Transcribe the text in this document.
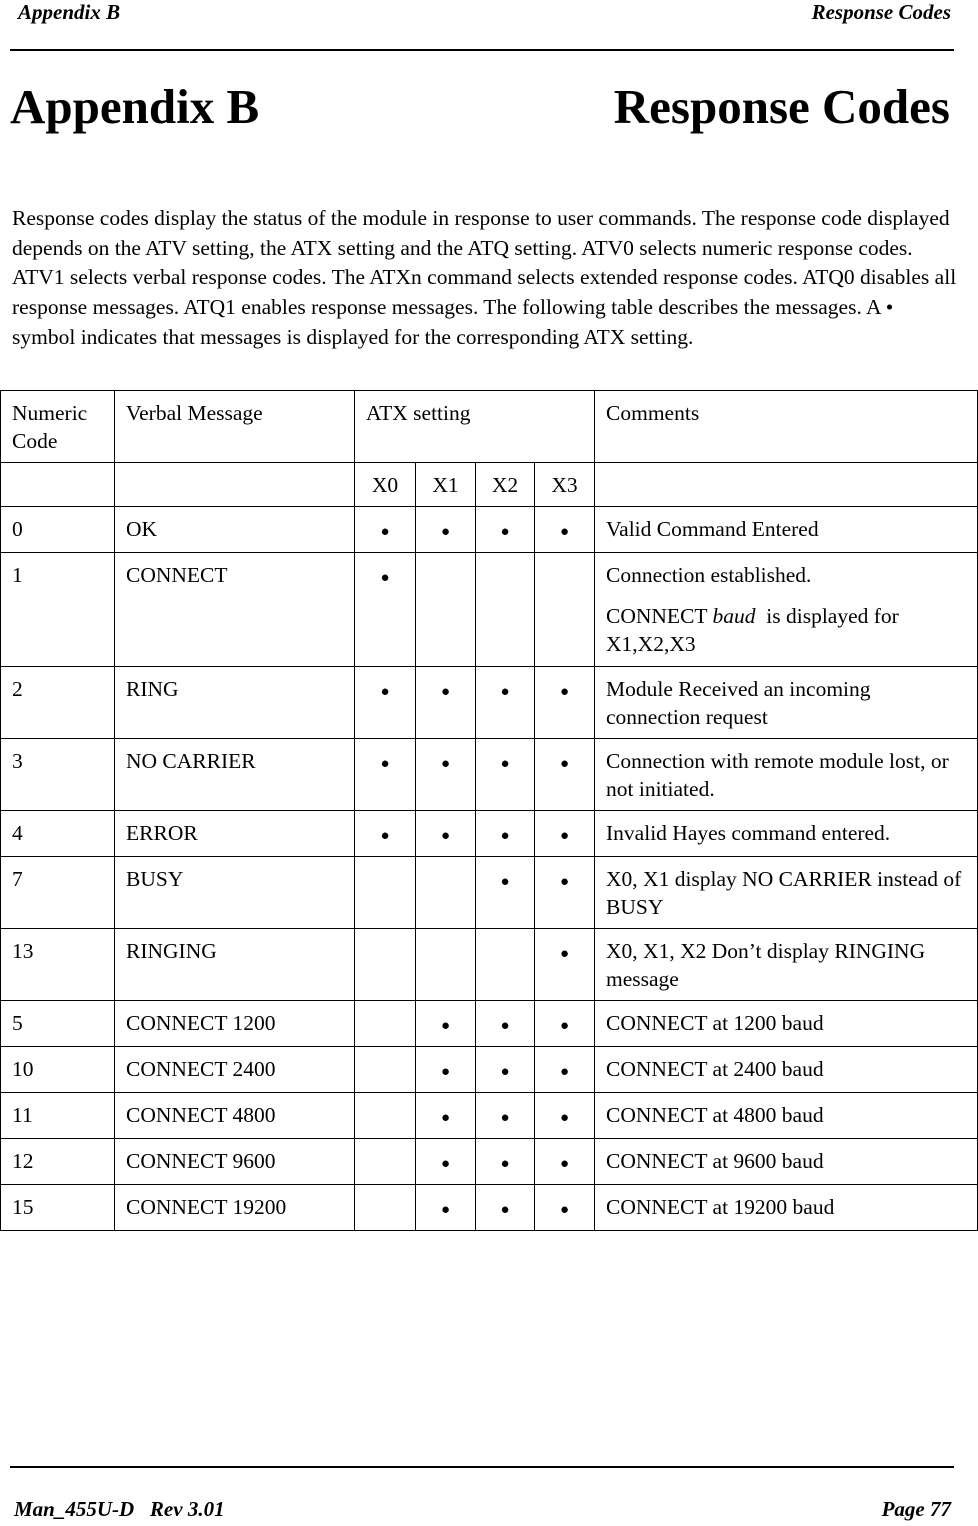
Appendix B	Response Codes
Appendix B	Response Codes

Response codes display the status of the module in response to user commands. The response code displayed depends on the ATV setting, the ATX setting and the ATQ setting. ATV0 selects numeric response codes. ATV1 selects verbal response codes. The ATXn command selects extended response codes. ATQ0 disables all response messages. ATQ1 enables response messages. The following table describes the messages. A • symbol indicates that messages is displayed for the corresponding ATX setting.

Numeric Code	Verbal Message	ATX setting				Comments
		X0	X1	X2	X3	
0	OK	●	●	●	●	Valid Command Entered
1	CONNECT	●				Connection established.
CONNECT baud  is displayed for X1,X2,X3

2	RING	●	●	●	●	Module Received an incoming connection request
3	NO CARRIER	●	●	●	●	Connection with remote module lost, or not initiated.
4	ERROR	●	●	●	●	Invalid Hayes command entered.
7	BUSY			●	●	X0, X1 display NO CARRIER instead of BUSY
13	RINGING				●	X0, X1, X2 Don’t display RINGING message
5	CONNECT 1200		●	●	●	CONNECT at 1200 baud
10	CONNECT 2400		●	●	●	CONNECT at 2400 baud
11	CONNECT 4800		●	●	●	CONNECT at 4800 baud
12	CONNECT 9600		●	●	●	CONNECT at 9600 baud
15	CONNECT 19200		●	●	●	CONNECT at 19200 baud
Man_455U-D   Rev 3.01	Page 77
